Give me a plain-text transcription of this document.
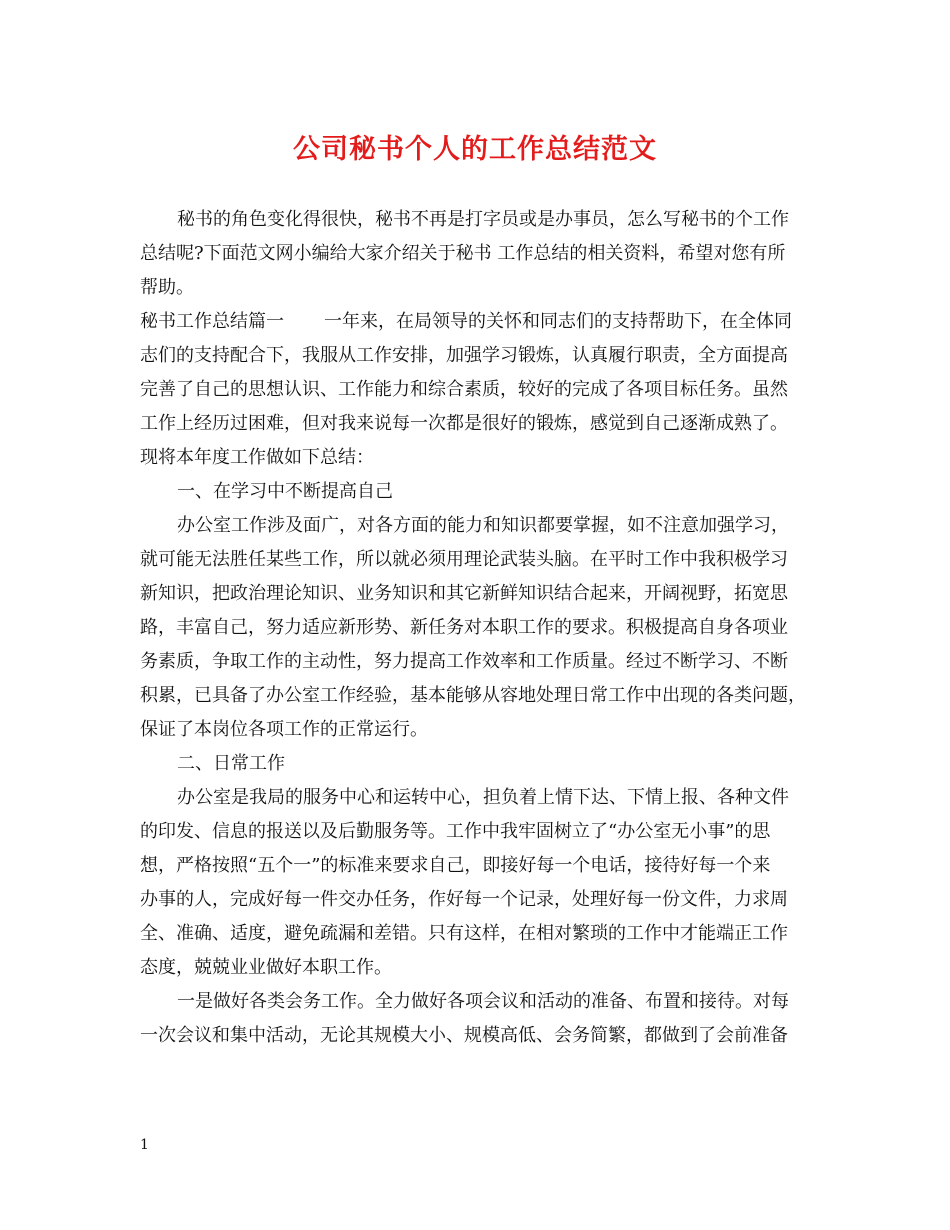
公司秘书个人的工作总结范文

秘书的角色变化得很快，秘书不再是打字员或是办事员，怎么写秘书的个工作

总结呢?下面范文网小编给大家介绍关于秘书 工作总结的相关资料，希望对您有所

帮助。

秘书工作总结篇一 一年来，在局领导的关怀和同志们的支持帮助下，在全体同

志们的支持配合下，我服从工作安排，加强学习锻炼，认真履行职责，全方面提高

完善了自己的思想认识、工作能力和综合素质，较好的完成了各项目标任务。虽然

工作上经历过困难，但对我来说每一次都是很好的锻炼，感觉到自己逐渐成熟了。

现将本年度工作做如下总结：

一、在学习中不断提高自己

办公室工作涉及面广，对各方面的能力和知识都要掌握，如不注意加强学习，

就可能无法胜任某些工作，所以就必须用理论武装头脑。在平时工作中我积极学习

新知识，把政治理论知识、业务知识和其它新鲜知识结合起来，开阔视野，拓宽思

路，丰富自己，努力适应新形势、新任务对本职工作的要求。积极提高自身各项业

务素质，争取工作的主动性，努力提高工作效率和工作质量。经过不断学习、不断

积累，已具备了办公室工作经验，基本能够从容地处理日常工作中出现的各类问题，

保证了本岗位各项工作的正常运行。

二、日常工作

办公室是我局的服务中心和运转中心，担负着上情下达、下情上报、各种文件

的印发、信息的报送以及后勤服务等。工作中我牢固树立了“办公室无小事”的思

想，严格按照“五个一”的标准来要求自己，即接好每一个电话，接待好每一个来

办事的人，完成好每一件交办任务，作好每一个记录，处理好每一份文件，力求周

全、准确、适度，避免疏漏和差错。只有这样，在相对繁琐的工作中才能端正工作

态度，兢兢业业做好本职工作。

一是做好各类会务工作。全力做好各项会议和活动的准备、布置和接待。对每

一次会议和集中活动，无论其规模大小、规模高低、会务简繁，都做到了会前准备

1
